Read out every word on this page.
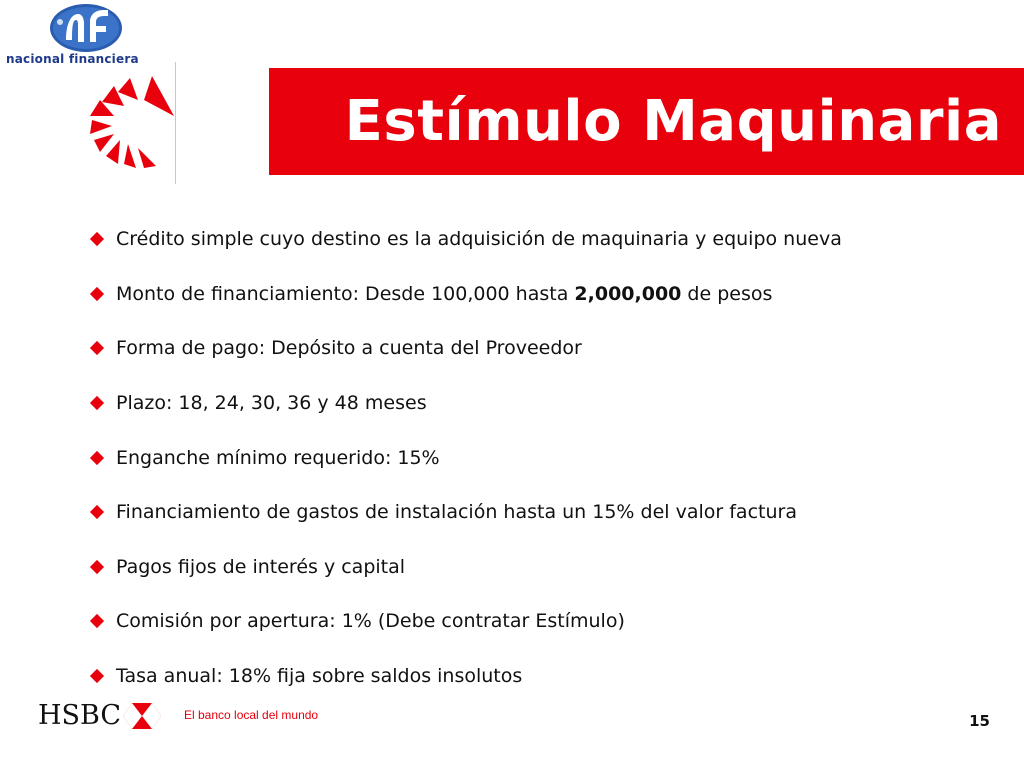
nacional financiera
Estímulo Maquinaria
Crédito simple cuyo destino es la adquisición de maquinaria y equipo nueva
Monto de financiamiento: Desde 100,000 hasta 2,000,000 de pesos
Forma de pago: Depósito a cuenta del Proveedor
Plazo: 18, 24, 30, 36 y 48 meses
Enganche mínimo requerido: 15%
Financiamiento de gastos de instalación hasta un 15% del valor factura
Pagos fijos de interés y capital
Comisión por apertura: 1% (Debe contratar Estímulo)
Tasa anual: 18% fija sobre saldos insolutos
HSBC	El banco local del mundo	15
